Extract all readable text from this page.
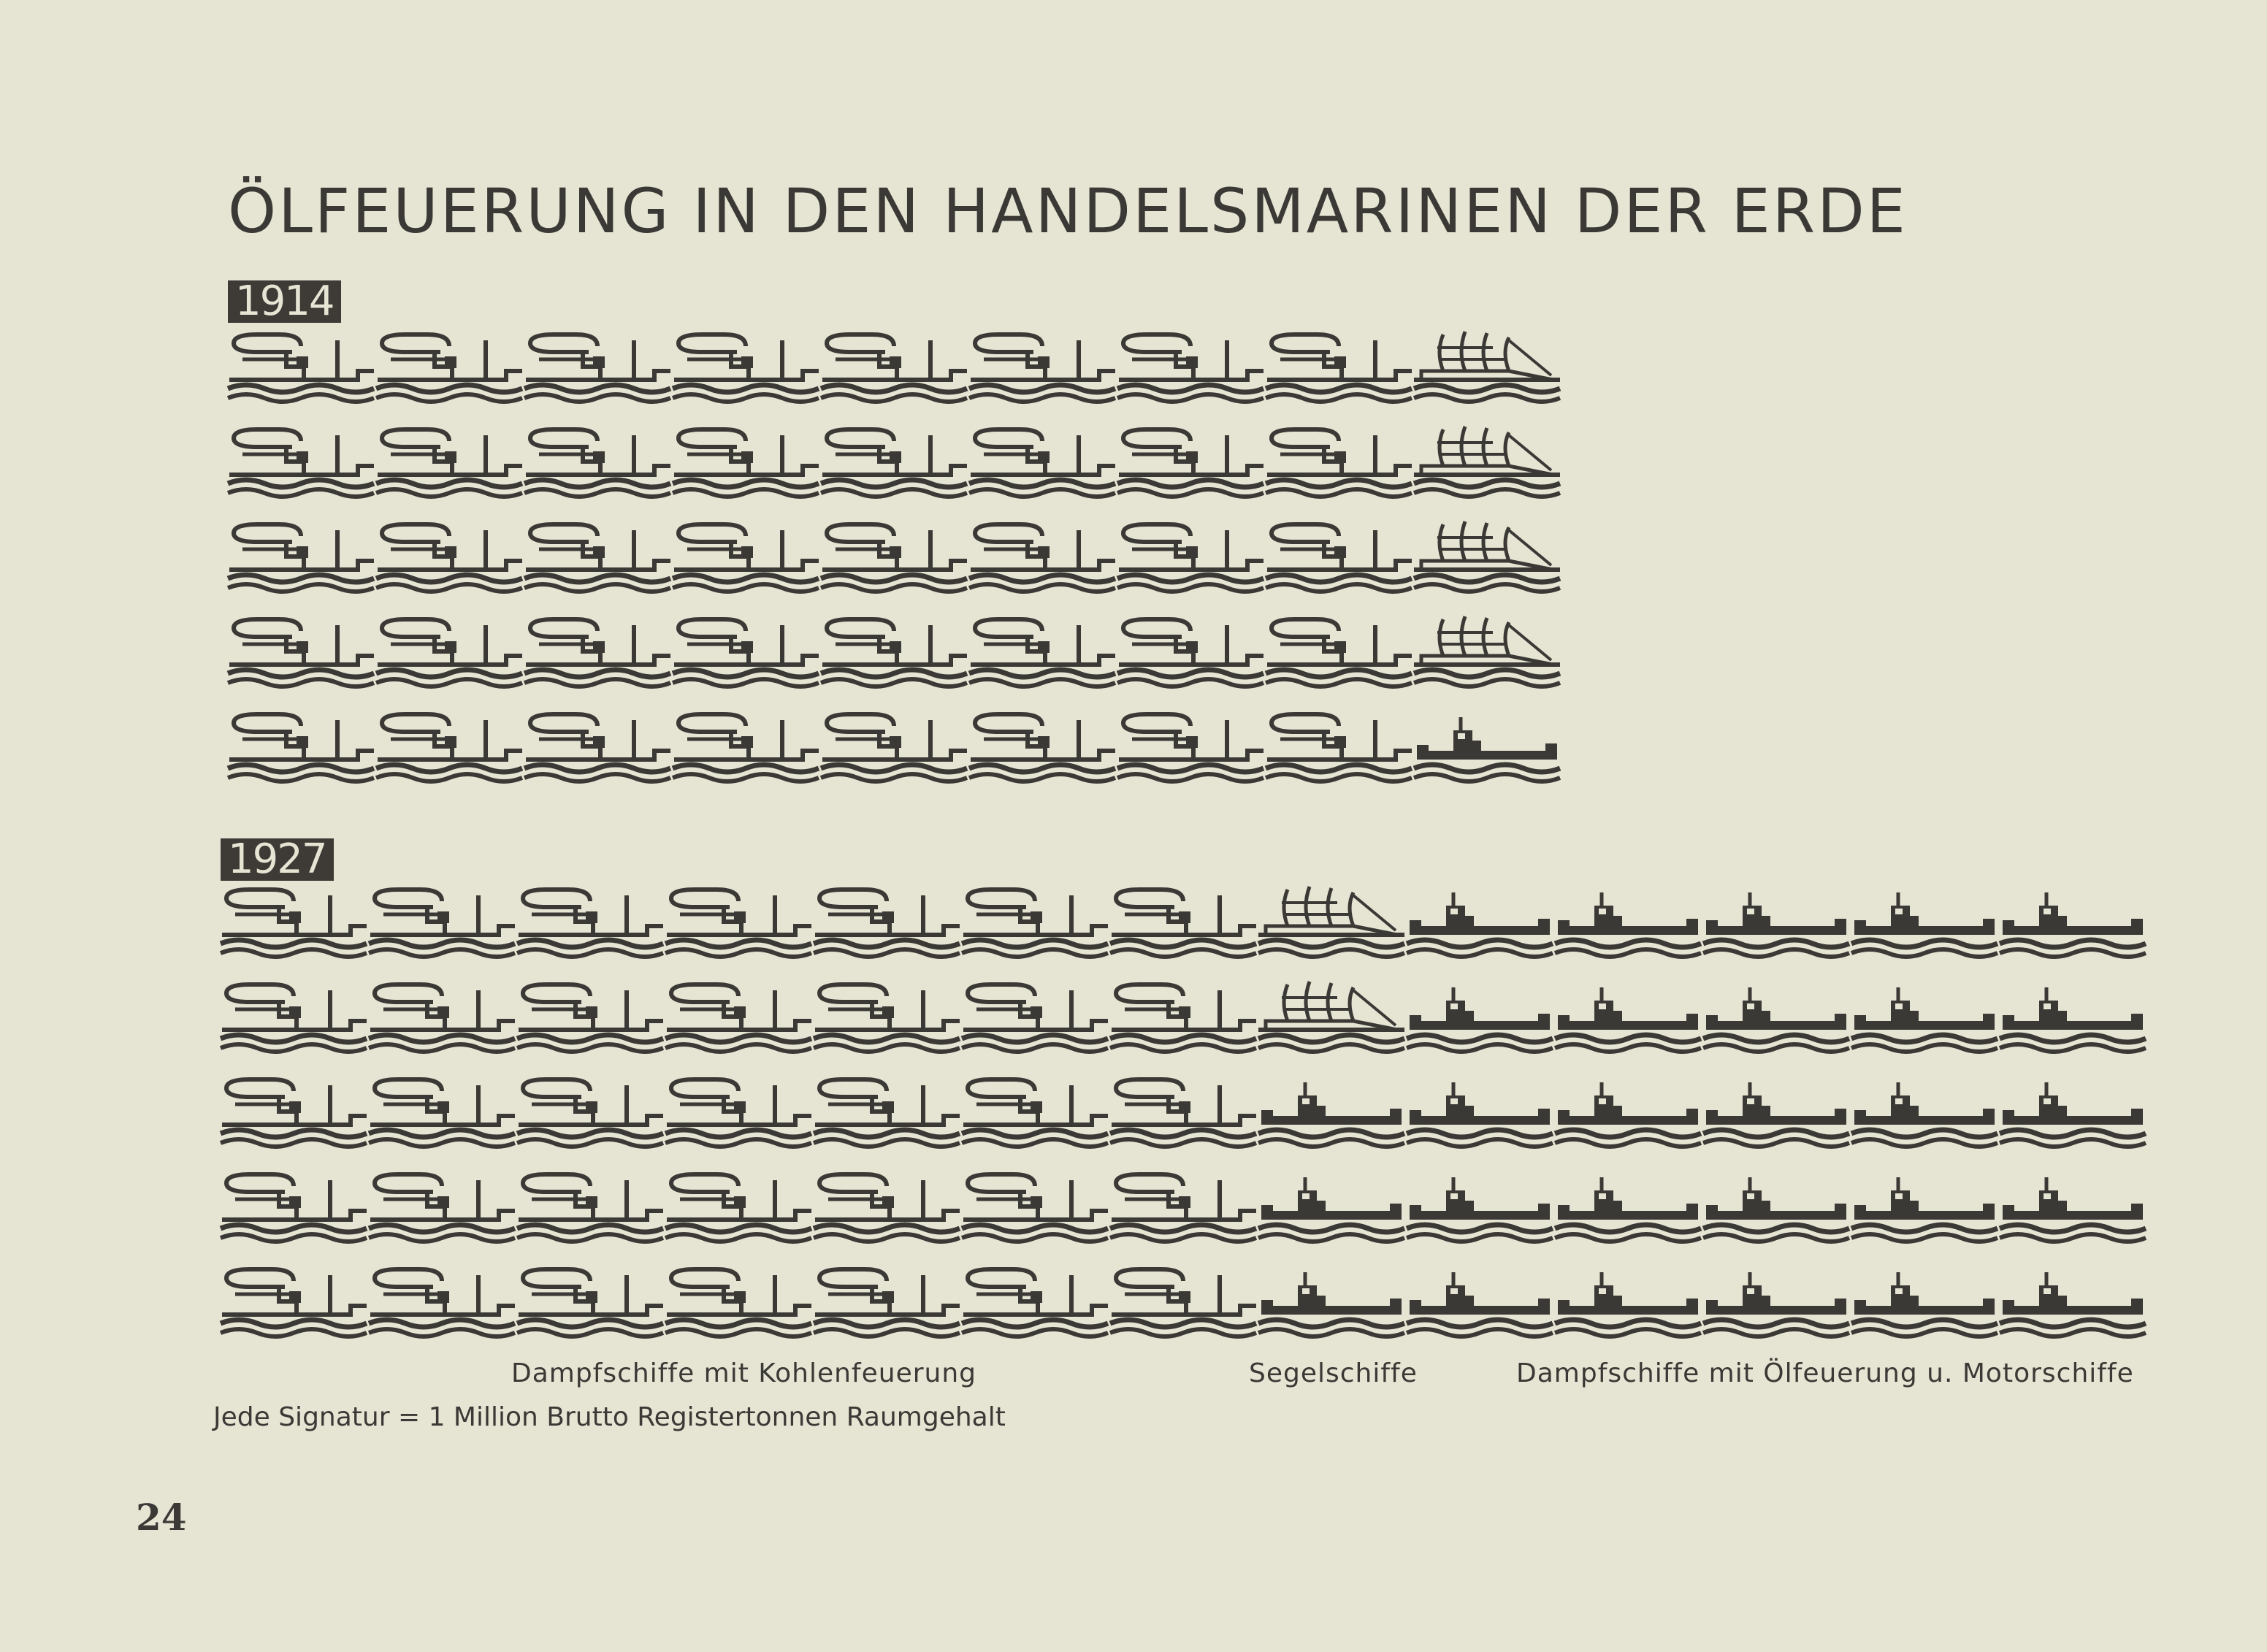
ÖLFEUERUNG IN DEN HANDELSMARINEN DER ERDE
1914
1927
Dampfschiffe mit Kohlenfeuerung	Segelschiffe	Dampfschiffe mit Ölfeuerung u. Motorschiffe
Jede Signatur = 1 Million Brutto Registertonnen Raumgehalt
24
